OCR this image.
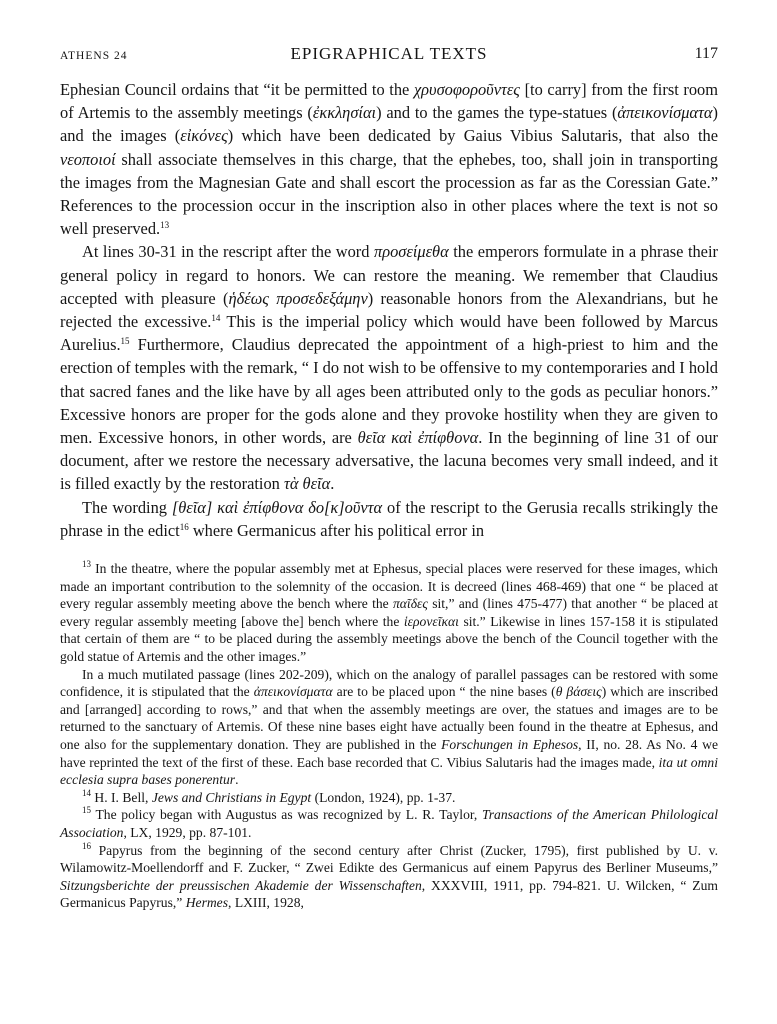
ATHENS 24	EPIGRAPHICAL TEXTS	117

Ephesian Council ordains that “it be permitted to the χρυσοφοροῦντες [to carry] from the first room of Artemis to the assembly meetings (ἐκκλησίαι) and to the games the type-statues (ἀπεικονίσματα) and the images (εἰκόνες) which have been dedicated by Gaius Vibius Salutaris, that also the νεοποιοί shall associate themselves in this charge, that the ephebes, too, shall join in transporting the images from the Magnesian Gate and shall escort the procession as far as the Coressian Gate.” References to the procession occur in the inscription also in other places where the text is not so well preserved.$^{13}$

At lines 30-31 in the rescript after the word προσείμεθα the emperors formulate in a phrase their general policy in regard to honors. We can restore the meaning. We remember that Claudius accepted with pleasure (ἡδέως προσεδεξάμην) reasonable honors from the Alexandrians, but he rejected the excessive.$^{14}$ This is the imperial policy which would have been followed by Marcus Aurelius.$^{15}$ Furthermore, Claudius deprecated the appointment of a high-priest to him and the erection of temples with the remark, “ I do not wish to be offensive to my contemporaries and I hold that sacred fanes and the like have by all ages been attributed only to the gods as peculiar honors.” Excessive honors are proper for the gods alone and they provoke hostility when they are given to men. Excessive honors, in other words, are θεῖα καὶ ἐπίφθονα. In the beginning of line 31 of our document, after we restore the necessary adversative, the lacuna becomes very small indeed, and it is filled exactly by the restoration τὰ θεῖα.

The wording [θεῖα] καὶ ἐπίφθονα δο[κ]οῦντα of the rescript to the Gerusia recalls strikingly the phrase in the edict$^{16}$ where Germanicus after his political error in

$^{13}$ In the theatre, where the popular assembly met at Ephesus, special places were reserved for these images, which made an important contribution to the solemnity of the occasion. It is decreed (lines 468-469) that one “ be placed at every regular assembly meeting above the bench where the παῖδες sit,” and (lines 475-477) that another “ be placed at every regular assembly meeting [above the] bench where the ἱερονεῖκαι sit.” Likewise in lines 157-158 it is stipulated that certain of them are “ to be placed during the assembly meetings above the bench of the Council together with the gold statue of Artemis and the other images.”

In a much mutilated passage (lines 202-209), which on the analogy of parallel passages can be restored with some confidence, it is stipulated that the ἀπεικονίσματα are to be placed upon “ the nine bases (θ βάσεις) which are inscribed and [arranged] according to rows,” and that when the assembly meetings are over, the statues and images are to be returned to the sanctuary of Artemis. Of these nine bases eight have actually been found in the theatre at Ephesus, and one also for the supplementary donation. They are published in the Forschungen in Ephesos, II, no. 28. As No. 4 we have reprinted the text of the first of these. Each base recorded that C. Vibius Salutaris had the images made, ita ut omni ecclesia supra bases ponerentur.

$^{14}$ H. I. Bell, Jews and Christians in Egypt (London, 1924), pp. 1-37.

$^{15}$ The policy began with Augustus as was recognized by L. R. Taylor, Transactions of the American Philological Association, LX, 1929, pp. 87-101.

$^{16}$ Papyrus from the beginning of the second century after Christ (Zucker, 1795), first published by U. v. Wilamowitz-Moellendorff and F. Zucker, “ Zwei Edikte des Germanicus auf einem Papyrus des Berliner Museums,” Sitzungsberichte der preussischen Akademie der Wissenschaften, XXXVIII, 1911, pp. 794-821. U. Wilcken, “ Zum Germanicus Papyrus,” Hermes, LXIII, 1928,
